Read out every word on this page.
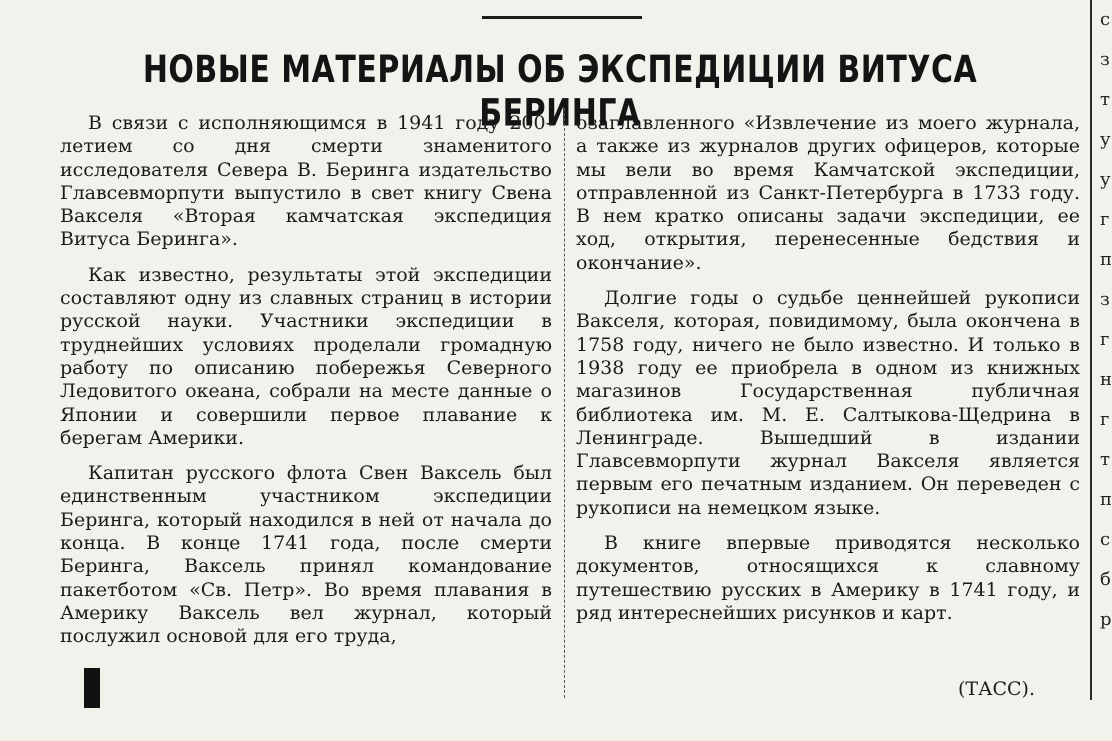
НОВЫЕ МАТЕРИАЛЫ ОБ ЭКСПЕДИЦИИ ВИТУСА БЕРИНГА

В связи с исполняющимся в 1941 году 200-летием со дня смерти знаменитого исследователя Севера В. Беринга издательство Главсевморпути выпустило в свет книгу Свена Вакселя «Вторая камчатская экспедиция Витуса Беринга».

Как известно, результаты этой экспедиции составляют одну из славных страниц в истории русской науки. Участники экспедиции в труднейших условиях проделали громадную работу по описанию побережья Северного Ледовитого океана, собрали на месте данные о Японии и совершили первое плавание к берегам Америки.

Капитан русского флота Свен Ваксель был единственным участником экспедиции Беринга, который находился в ней от начала до конца. В конце 1741 года, после смерти Беринга, Ваксель принял командование пакетботом «Св. Петр». Во время плавания в Америку Ваксель вел журнал, который послужил основой для его труда,

озаглавленного «Извлечение из моего журнала, а также из журналов других офицеров, которые мы вели во время Камчатской экспедиции, отправленной из Санкт-Петербурга в 1733 году. В нем кратко описаны задачи экспедиции, ее ход, открытия, перенесенные бедствия и окончание».

Долгие годы о судьбе ценнейшей рукописи Вакселя, которая, повидимому, была окончена в 1758 году, ничего не было известно. И только в 1938 году ее приобрела в одном из книжных магазинов Государственная публичная библиотека им. М. Е. Салтыкова-Щедрина в Ленинграде. Вышедший в издании Главсевморпути журнал Вакселя является первым его печатным изданием. Он переведен с рукописи на немецком языке.

В книге впервые приводятся несколько документов, относящихся к славному путешествию русских в Америку в 1741 году, и ряд интереснейших рисунков и карт.

(ТАСС).
с
з
т
у
у
г
п
з
г
н
г
т
п
с
б
р
